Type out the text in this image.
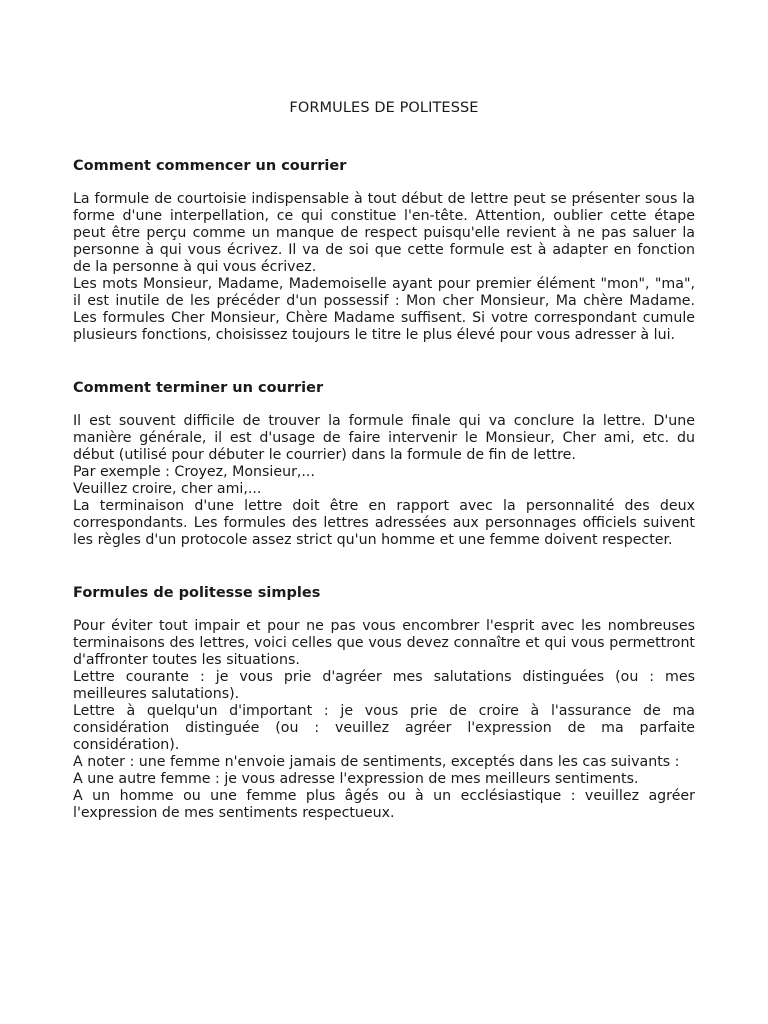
FORMULES DE POLITESSE
Comment commencer un courrier

La formule de courtoisie indispensable à tout début de lettre peut se présenter sous la forme d'une interpellation, ce qui constitue l'en-tête. Attention, oublier cette étape peut être perçu comme un manque de respect puisqu'elle revient à ne pas saluer la personne à qui vous écrivez. Il va de soi que cette formule est à adapter en fonction de la personne à qui vous écrivez.

Les mots Monsieur, Madame, Mademoiselle ayant pour premier élément "mon", "ma", il est inutile de les précéder d'un possessif : Mon cher Monsieur, Ma chère Madame. Les formules Cher Monsieur, Chère Madame suffisent. Si votre correspondant cumule plusieurs fonctions, choisissez toujours le titre le plus élevé pour vous adresser à lui.

Comment terminer un courrier

Il est souvent difficile de trouver la formule finale qui va conclure la lettre. D'une manière générale, il est d'usage de faire intervenir le Monsieur, Cher ami, etc. du début (utilisé pour débuter le courrier) dans la formule de fin de lettre.

Par exemple : Croyez, Monsieur,...

Veuillez croire, cher ami,...

La terminaison d'une lettre doit être en rapport avec la personnalité des deux correspondants. Les formules des lettres adressées aux personnages officiels suivent les règles d'un protocole assez strict qu'un homme et une femme doivent respecter.

Formules de politesse simples

Pour éviter tout impair et pour ne pas vous encombrer l'esprit avec les nombreuses terminaisons des lettres, voici celles que vous devez connaître et qui vous permettront d'affronter toutes les situations.

Lettre courante : je vous prie d'agréer mes salutations distinguées (ou : mes meilleures salutations).

Lettre à quelqu'un d'important : je vous prie de croire à l'assurance de ma considération distinguée (ou : veuillez agréer l'expression de ma parfaite considération).

A noter : une femme n'envoie jamais de sentiments, exceptés dans les cas suivants :

A une autre femme : je vous adresse l'expression de mes meilleurs sentiments.

A un homme ou une femme plus âgés ou à un ecclésiastique : veuillez agréer l'expression de mes sentiments respectueux.
